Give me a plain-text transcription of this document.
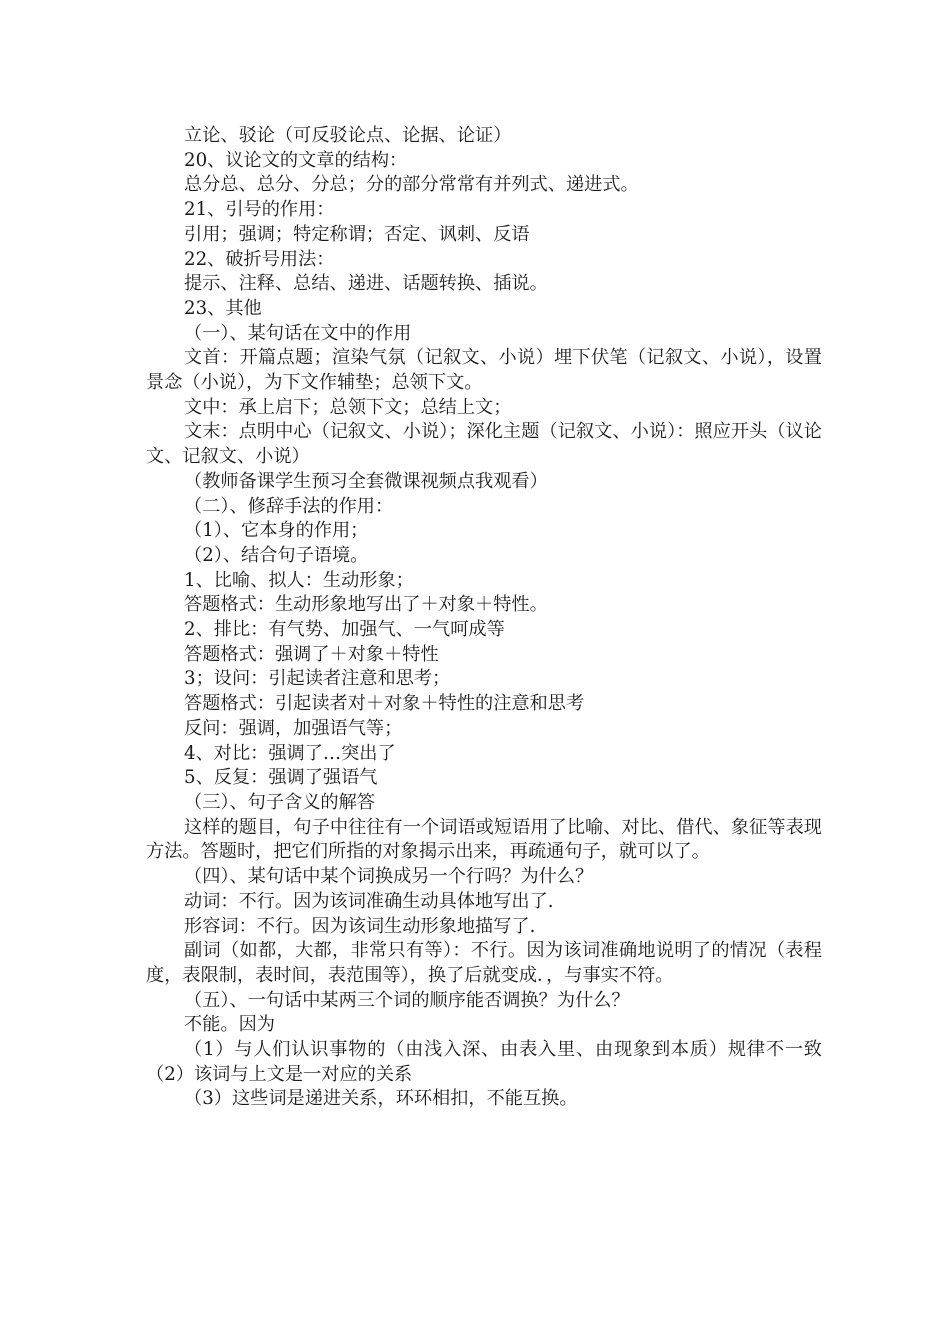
立论、驳论（可反驳论点、论据、论证）

20、议论文的文章的结构：

总分总、总分、分总；分的部分常常有并列式、递进式。

21、引号的作用：

引用；强调；特定称谓；否定、讽刺、反语

22、破折号用法：

提示、注释、总结、递进、话题转换、插说。

23、其他

（一）、某句话在文中的作用

文首：开篇点题；渲染气氛（记叙文、小说）埋下伏笔（记叙文、小说），设置景念（小说），为下文作辅垫；总领下文。

文中：承上启下；总领下文；总结上文；

文末：点明中心（记叙文、小说）；深化主题（记叙文、小说）：照应开头（议论文、记叙文、小说）

（教师备课学生预习全套微课视频点我观看）

（二）、修辞手法的作用：

（1）、它本身的作用；

（2）、结合句子语境。

1、比喻、拟人：生动形象；

答题格式：生动形象地写出了＋对象＋特性。

2、排比：有气势、加强气、一气呵成等

答题格式：强调了＋对象＋特性

3；设问：引起读者注意和思考；

答题格式：引起读者对＋对象＋特性的注意和思考

反问：强调，加强语气等；

4、对比：强调了…突出了

5、反复：强调了强语气

（三）、句子含义的解答

这样的题目，句子中往往有一个词语或短语用了比喻、对比、借代、象征等表现方法。答题时，把它们所指的对象揭示出来，再疏通句子，就可以了。

（四）、某句话中某个词换成另一个行吗？为什么？

动词：不行。因为该词准确生动具体地写出了.

形容词：不行。因为该词生动形象地描写了.

副词（如都，大都，非常只有等）：不行。因为该词准确地说明了的情况（表程度，表限制，表时间，表范围等），换了后就变成．，与事实不符。

（五）、一句话中某两三个词的顺序能否调换？为什么？

不能。因为

（1）与人们认识事物的（由浅入深、由表入里、由现象到本质）规律不一致（2）该词与上文是一对应的关系

（3）这些词是递进关系，环环相扣，不能互换。
